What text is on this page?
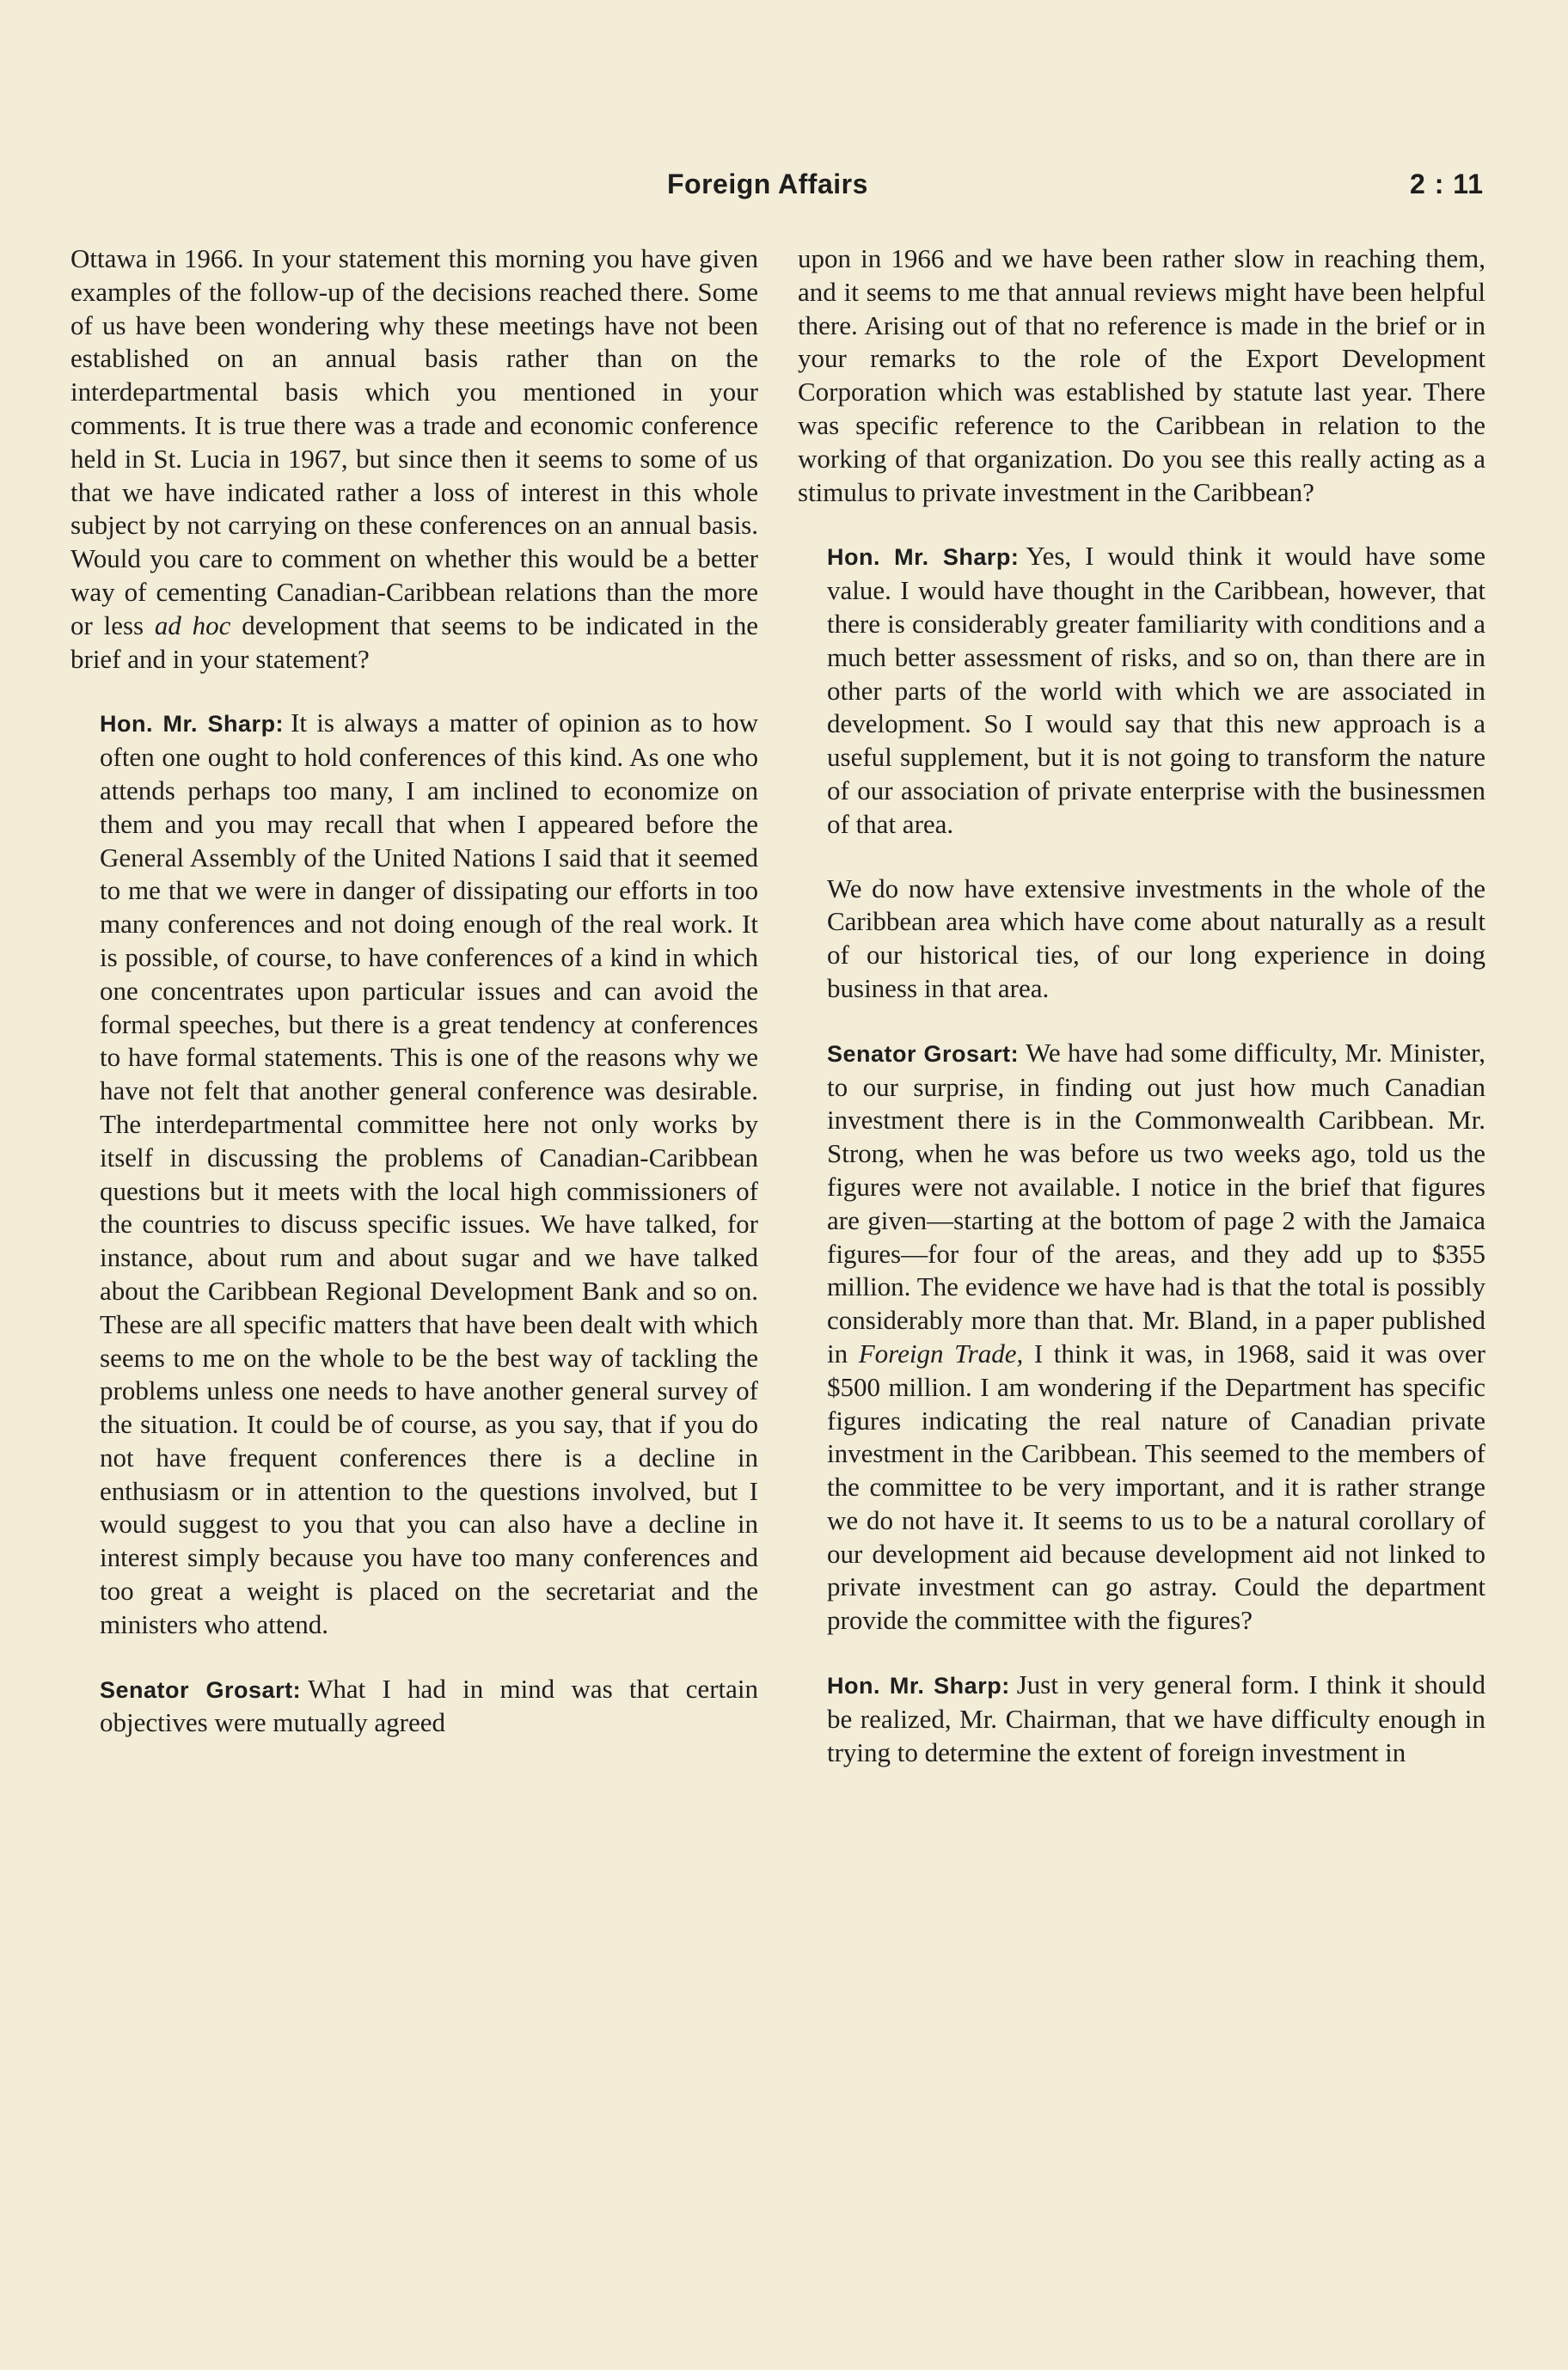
Foreign Affairs	2 : 11

Ottawa in 1966. In your statement this morning you have given examples of the follow-up of the decisions reached there. Some of us have been wondering why these meetings have not been established on an annual basis rather than on the interdepartmental basis which you mentioned in your comments. It is true there was a trade and economic conference held in St. Lucia in 1967, but since then it seems to some of us that we have indicated rather a loss of interest in this whole subject by not carrying on these conferences on an annual basis. Would you care to comment on whether this would be a better way of cementing Canadian-Caribbean relations than the more or less ad hoc development that seems to be indicated in the brief and in your statement?

Hon. Mr. Sharp: It is always a matter of opinion as to how often one ought to hold conferences of this kind. As one who attends perhaps too many, I am inclined to economize on them and you may recall that when I appeared before the General Assembly of the United Nations I said that it seemed to me that we were in danger of dissipating our efforts in too many conferences and not doing enough of the real work. It is possible, of course, to have conferences of a kind in which one concentrates upon particular issues and can avoid the formal speeches, but there is a great tendency at conferences to have formal statements. This is one of the reasons why we have not felt that another general conference was desirable. The interdepartmental committee here not only works by itself in discussing the problems of Canadian-Caribbean questions but it meets with the local high commissioners of the countries to discuss specific issues. We have talked, for instance, about rum and about sugar and we have talked about the Caribbean Regional Development Bank and so on. These are all specific matters that have been dealt with which seems to me on the whole to be the best way of tackling the problems unless one needs to have another general survey of the situation. It could be of course, as you say, that if you do not have frequent conferences there is a decline in enthusiasm or in attention to the questions involved, but I would suggest to you that you can also have a decline in interest simply because you have too many conferences and too great a weight is placed on the secretariat and the ministers who attend.

Senator Grosart: What I had in mind was that certain objectives were mutually agreed

upon in 1966 and we have been rather slow in reaching them, and it seems to me that annual reviews might have been helpful there. Arising out of that no reference is made in the brief or in your remarks to the role of the Export Development Corporation which was established by statute last year. There was specific reference to the Caribbean in relation to the working of that organization. Do you see this really acting as a stimulus to private investment in the Caribbean?

Hon. Mr. Sharp: Yes, I would think it would have some value. I would have thought in the Caribbean, however, that there is considerably greater familiarity with conditions and a much better assessment of risks, and so on, than there are in other parts of the world with which we are associated in development. So I would say that this new approach is a useful supplement, but it is not going to transform the nature of our association of private enterprise with the businessmen of that area.

We do now have extensive investments in the whole of the Caribbean area which have come about naturally as a result of our historical ties, of our long experience in doing business in that area.

Senator Grosart: We have had some difficulty, Mr. Minister, to our surprise, in finding out just how much Canadian investment there is in the Commonwealth Caribbean. Mr. Strong, when he was before us two weeks ago, told us the figures were not available. I notice in the brief that figures are given—starting at the bottom of page 2 with the Jamaica figures—for four of the areas, and they add up to $355 million. The evidence we have had is that the total is possibly considerably more than that. Mr. Bland, in a paper published in Foreign Trade, I think it was, in 1968, said it was over $500 million. I am wondering if the Department has specific figures indicating the real nature of Canadian private investment in the Caribbean. This seemed to the members of the committee to be very important, and it is rather strange we do not have it. It seems to us to be a natural corollary of our development aid because development aid not linked to private investment can go astray. Could the department provide the committee with the figures?

Hon. Mr. Sharp: Just in very general form. I think it should be realized, Mr. Chairman, that we have difficulty enough in trying to determine the extent of foreign investment in
